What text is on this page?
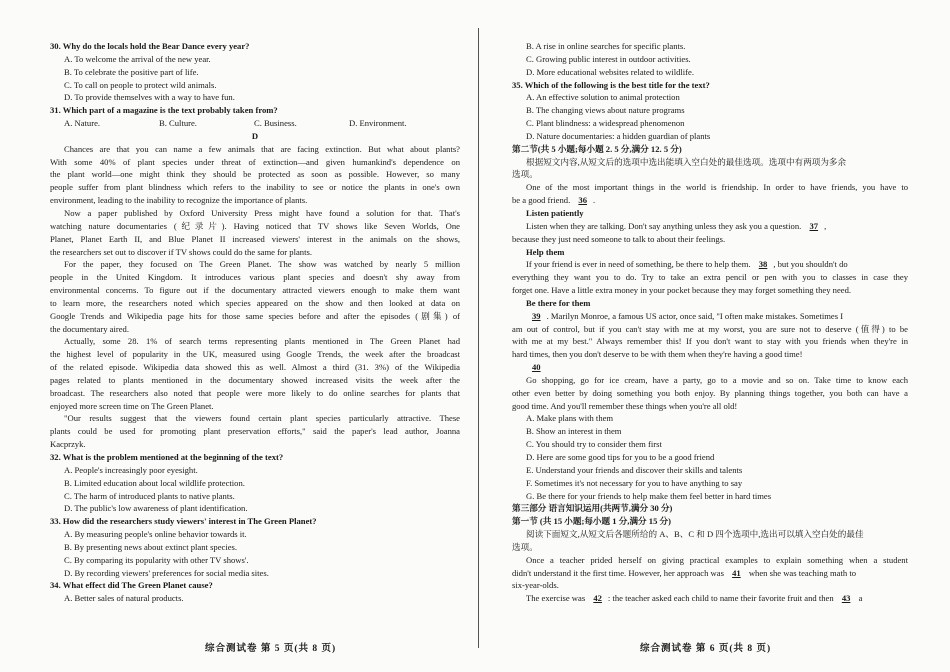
30. Why do the locals hold the Bear Dance every year?
A. To welcome the arrival of the new year.
B. To celebrate the positive part of life.
C. To call on people to protect wild animals.
D. To provide themselves with a way to have fun.
31. Which part of a magazine is the text probably taken from?
A. Nature.	B. Culture.	C. Business.	D. Environment.
D
Chances are that you can name a few animals that are facing extinction. But what about plants?
With some 40% of plant species under threat of extinction—and given humankind's dependence on
the plant world—one might think they should be protected as soon as possible. However, so many
people suffer from plant blindness which refers to the inability to see or notice the plants in one's own
environment, leading to the inability to recognize the importance of plants.
Now a paper published by Oxford University Press might have found a solution for that. That's
watching nature documentaries (纪录片). Having noticed that TV shows like Seven Worlds, One
Planet, Planet Earth II, and Blue Planet II increased viewers' interest in the animals on the shows,
the researchers set out to discover if TV shows could do the same for plants.
For the paper, they focused on The Green Planet. The show was watched by nearly 5 million
people in the United Kingdom. It introduces various plant species and doesn't shy away from
environmental concerns. To figure out if the documentary attracted viewers enough to make them want
to learn more, the researchers noted which species appeared on the show and then looked at data on
Google Trends and Wikipedia page hits for those same species before and after the episodes (剧集) of
the documentary aired.
Actually, some 28. 1% of search terms representing plants mentioned in The Green Planet had
the highest level of popularity in the UK, measured using Google Trends, the week after the broadcast
of the related episode. Wikipedia data showed this as well. Almost a third (31. 3%) of the Wikipedia
pages related to plants mentioned in the documentary showed increased visits the week after the
broadcast. The researchers also noted that people were more likely to do online searches for plants that
enjoyed more screen time on The Green Planet.
"Our results suggest that the viewers found certain plant species particularly attractive. These
plants could be used for promoting plant preservation efforts," said the paper's lead author, Joanna
Kacprzyk.
32. What is the problem mentioned at the beginning of the text?
A. People's increasingly poor eyesight.
B. Limited education about local wildlife protection.
C. The harm of introduced plants to native plants.
D. The public's low awareness of plant identification.
33. How did the researchers study viewers' interest in The Green Planet?
A. By measuring people's online behavior towards it.
B. By presenting news about extinct plant species.
C. By comparing its popularity with other TV shows'.
D. By recording viewers' preferences for social media sites.
34. What effect did The Green Planet cause?
A. Better sales of natural products.
B. A rise in online searches for specific plants.
C. Growing public interest in outdoor activities.
D. More educational websites related to wildlife.
35. Which of the following is the best title for the text?
A. An effective solution to animal protection
B. The changing views about nature programs
C. Plant blindness: a widespread phenomenon
D. Nature documentaries: a hidden guardian of plants
第二节(共 5 小题;每小题 2. 5 分,满分 12. 5 分)
根据短文内容,从短文后的选项中选出能填入空白处的最佳选项。选项中有两项为多余
选项。
One of the most important things in the world is friendship. In order to have friends, you have to
be a good friend. 36 .
Listen patiently
Listen when they are talking. Don't say anything unless they ask you a question. 37 ,
because they just need someone to talk to about their feelings.
Help them
If your friend is ever in need of something, be there to help them. 38 , but you shouldn't do
everything they want you to do. Try to take an extra pencil or pen with you to classes in case they
forget one. Have a little extra money in your pocket because they may forget something they need.
Be there for them
39 . Marilyn Monroe, a famous US actor, once said, "I often make mistakes. Sometimes I
am out of control, but if you can't stay with me at my worst, you are sure not to deserve (值得) to be
with me at my best." Always remember this! If you don't want to stay with you friends when they're in
hard times, then you don't deserve to be with them when they're having a good time!
40
Go shopping, go for ice cream, have a party, go to a movie and so on. Take time to know each
other even better by doing something you both enjoy. By planning things together, you both can have a
good time. And you'll remember these things when you're all old!
A. Make plans with them
B. Show an interest in them
C. You should try to consider them first
D. Here are some good tips for you to be a good friend
E. Understand your friends and discover their skills and talents
F. Sometimes it's not necessary for you to have anything to say
G. Be there for your friends to help make them feel better in hard times
第三部分 语言知识运用(共两节,满分 30 分)
第一节 (共 15 小题;每小题 1 分,满分 15 分)
阅读下面短文,从短文后各题所给的 A、B、C 和 D 四个选项中,选出可以填入空白处的最佳
选项。
Once a teacher prided herself on giving practical examples to explain something when a student
didn't understand it the first time. However, her approach was 41 when she was teaching math to
six-year-olds.
The exercise was 42 : the teacher asked each child to name their favorite fruit and then 43 a
综合测试卷 第 5 页(共 8 页)	综合测试卷 第 6 页(共 8 页)
